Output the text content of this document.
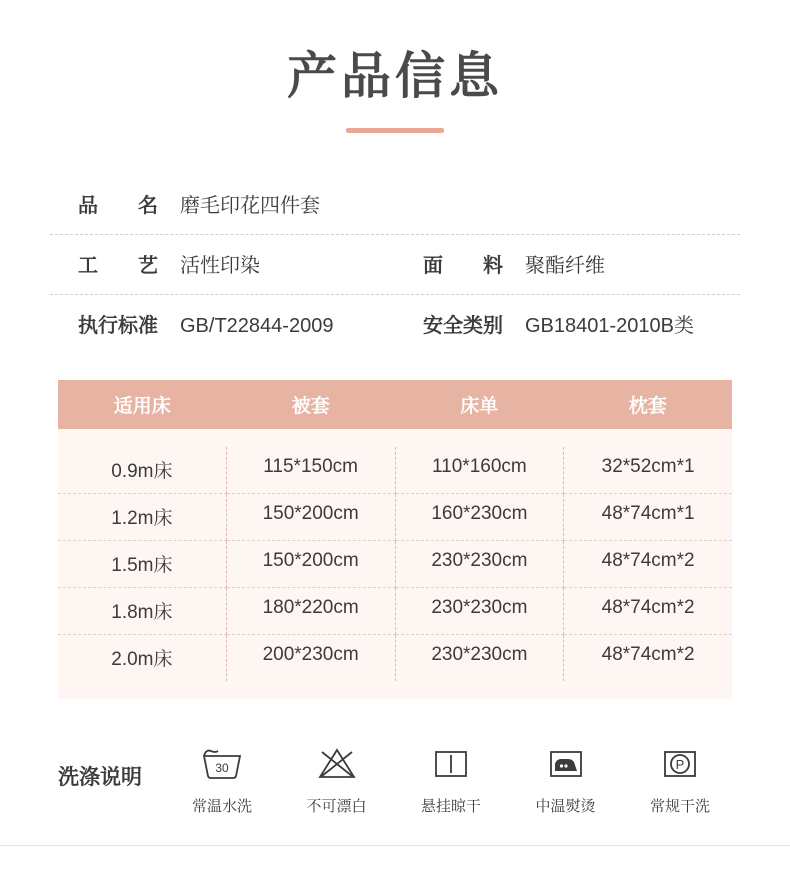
产品信息
品　　名 磨毛印花四件套
工　　艺 活性印染	面　　料 聚酯纤维
执行标准 GB/T22844-2009	安全类别 GB18401-2010B类
适用床	被套	床单	枕套
0.9m床	115*150cm	110*160cm	32*52cm*1
1.2m床	150*200cm	160*230cm	48*74cm*1
1.5m床	150*200cm	230*230cm	48*74cm*2
1.8m床	180*220cm	230*230cm	48*74cm*2
2.0m床	200*230cm	230*230cm	48*74cm*2
洗涤说明	30
常温水洗	不可漂白	悬挂晾干	中温熨烫
P
常规干洗
